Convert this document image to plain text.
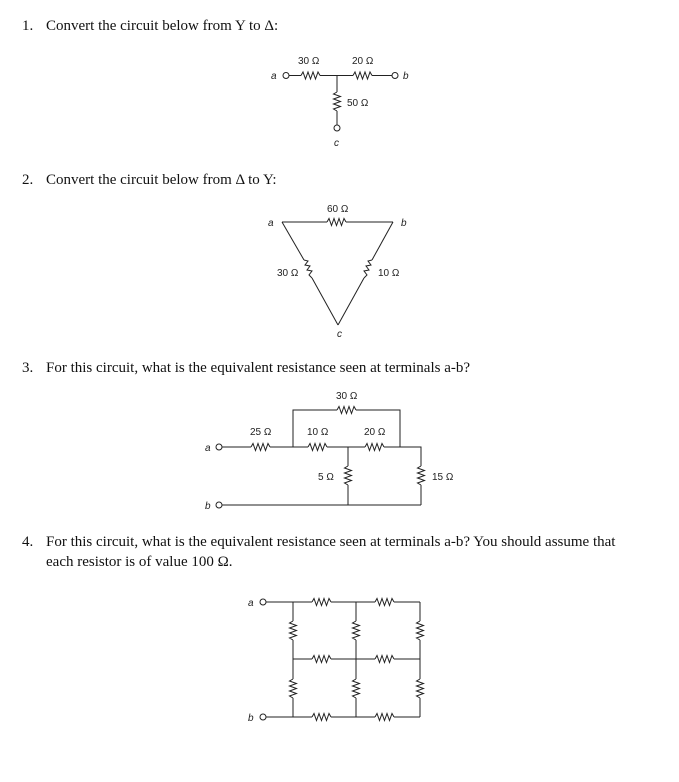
1. Convert the circuit below from Y to Δ:
2. Convert the circuit below from Δ to Y:
3. For this circuit, what is the equivalent resistance seen at terminals a-b?
4. For this circuit, what is the equivalent resistance seen at terminals a-b? You should assume that each resistor is of value 100 Ω.
a	b
30 Ω	20 Ω
c
50 Ω
a	b
c
60 Ω
30 Ω	10 Ω
a
25 Ω
30 Ω
10 Ω	20 Ω
5 Ω	15 Ω
b
a
b
